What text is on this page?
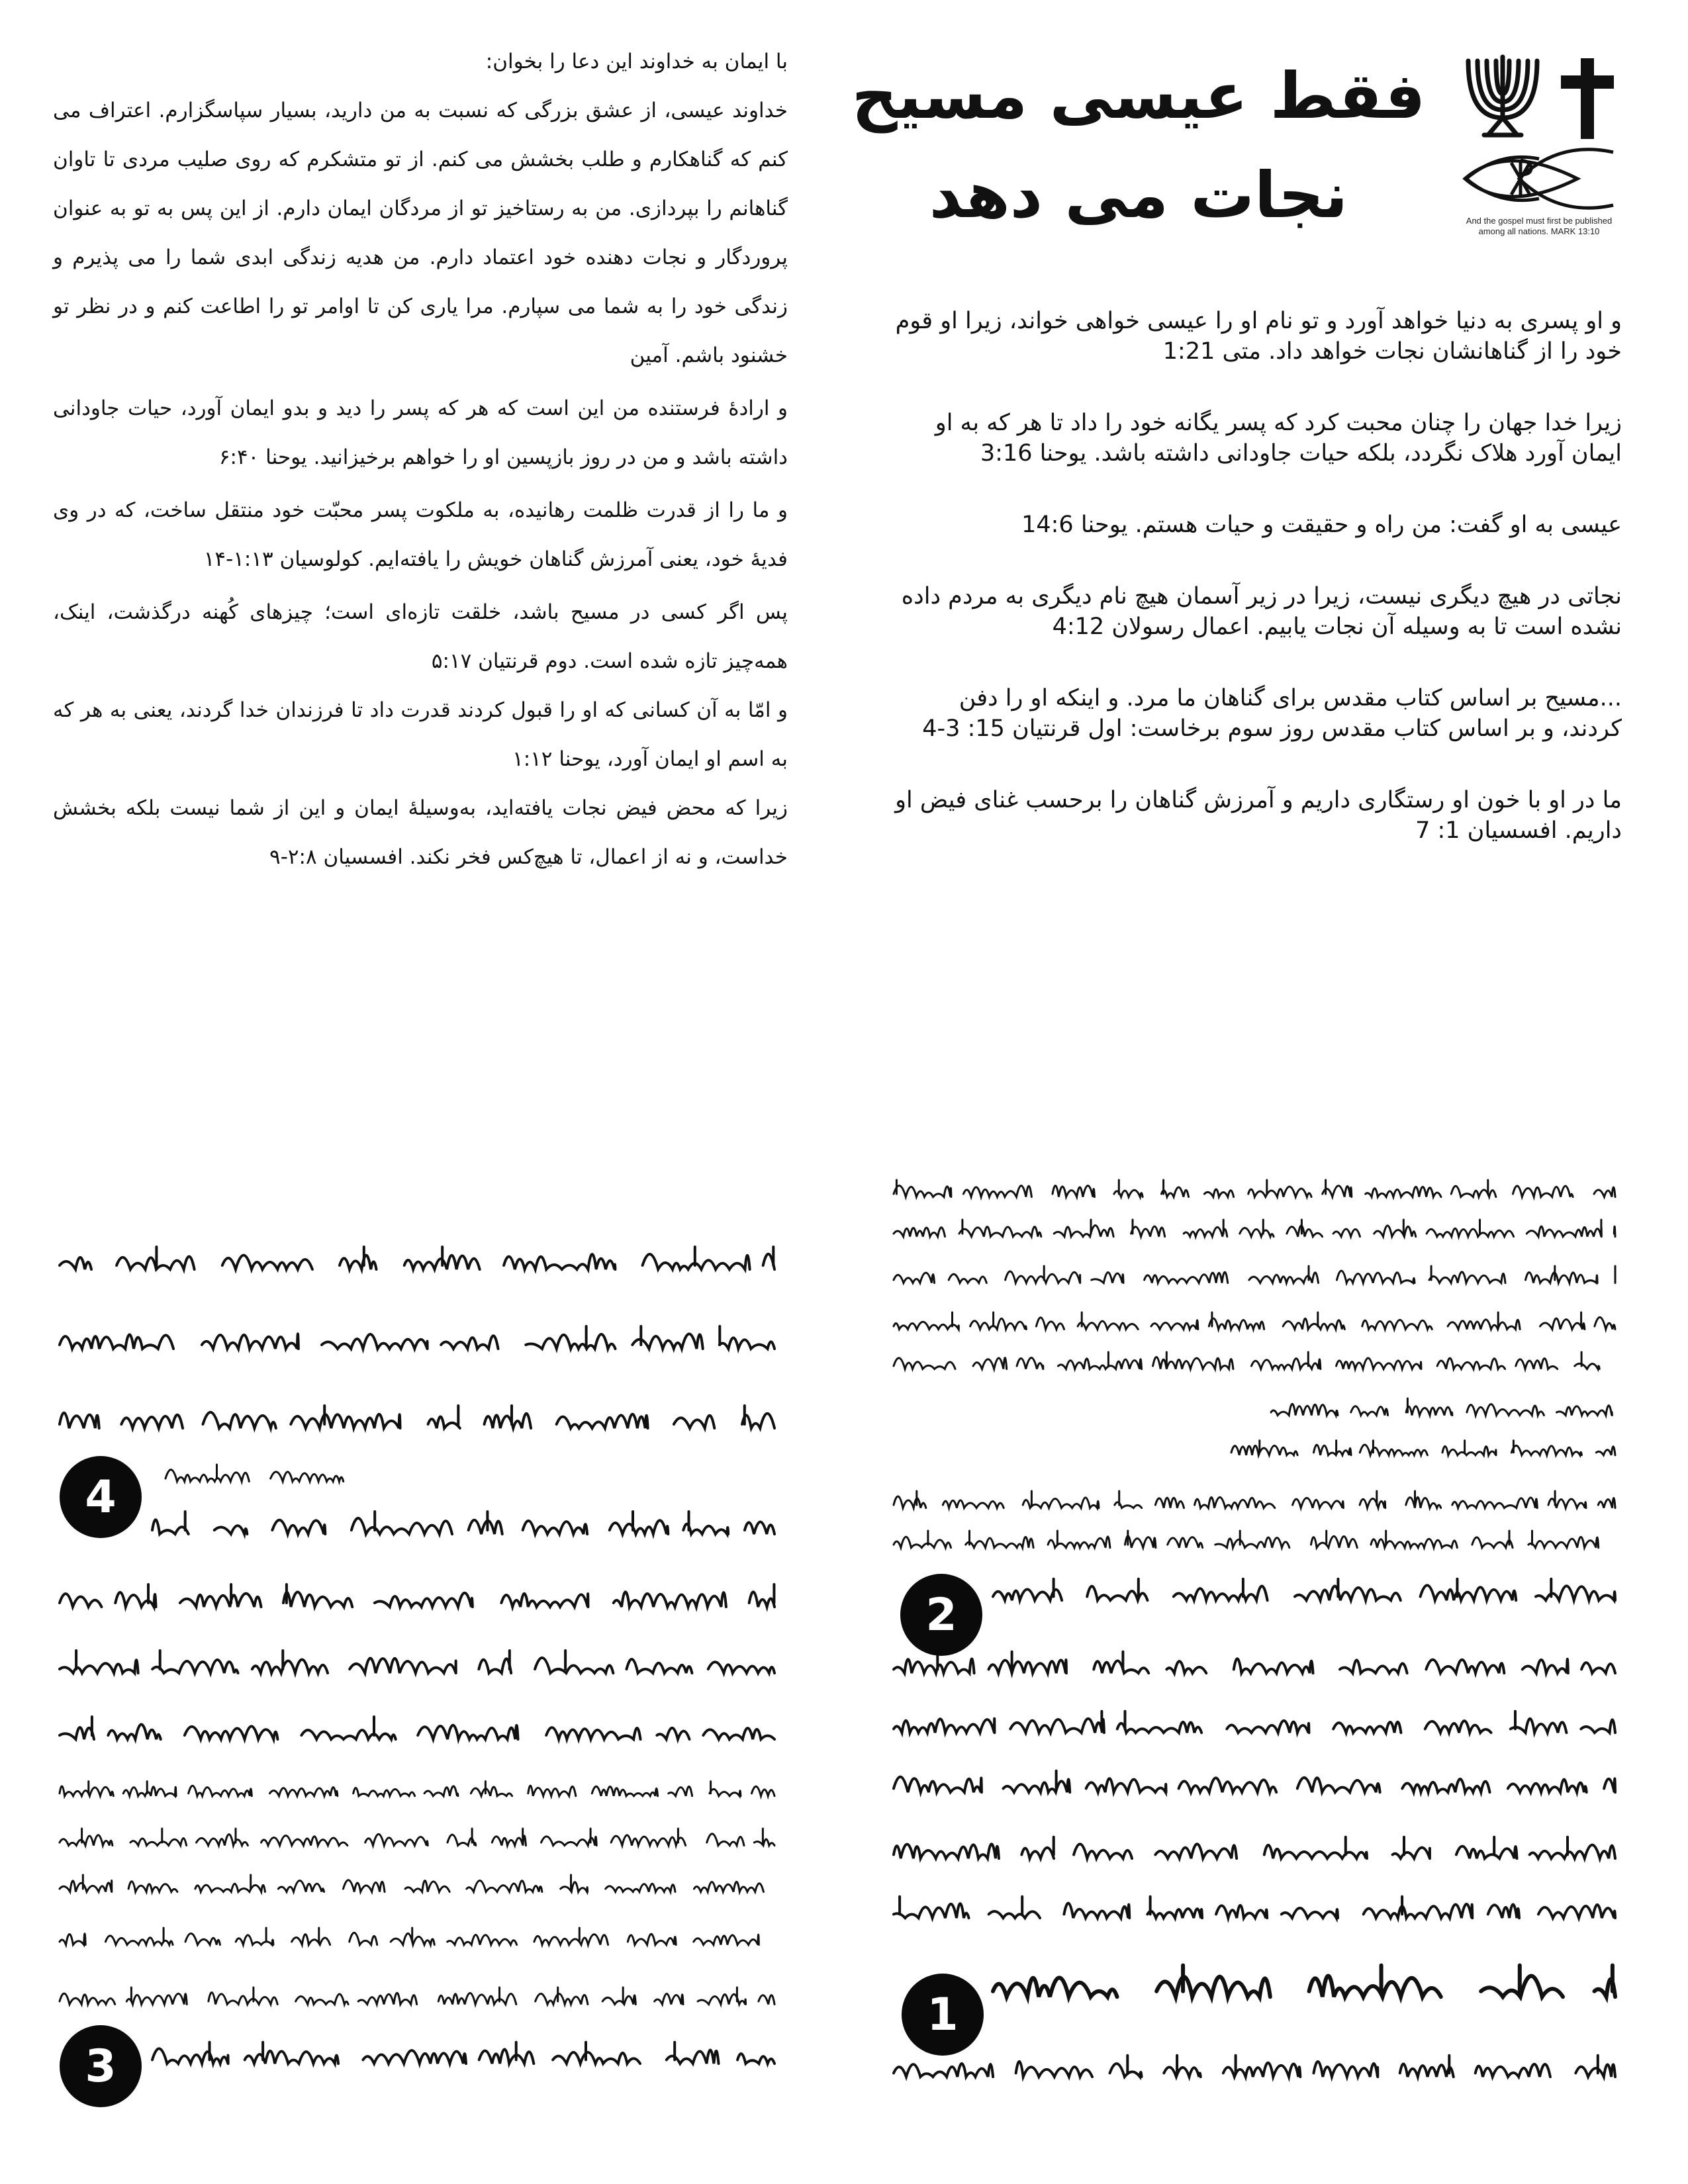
با ایمان به خداوند این دعا را بخوان:

خداوند عیسی، از عشق بزرگی که نسبت به من دارید، بسیار سپاسگزارم. اعتراف می کنم که گناهکارم و طلب بخشش می کنم. از تو متشکرم که روی صلیب مردی تا تاوان گناهانم را بپردازی. من به رستاخیز تو از مردگان ایمان دارم. از این پس به تو به عنوان پروردگار و نجات دهنده خود اعتماد دارم. من هدیه زندگی ابدی شما را می پذیرم و زندگی خود را به شما می سپارم. مرا یاری کن تا اوامر تو را اطاعت کنم و در نظر تو خشنود باشم. آمین

و ارادهٔ فرستنده من این است که هر که پسر را دید و بدو ایمان آورد، حیات جاودانی داشته باشد و من در روز بازپسین او را خواهم برخیزانید. یوحنا ۶:۴۰

و ما را از قدرت ظلمت رهانیده، به ملکوت پسر محبّت خود منتقل ساخت، که در وی فدیهٔ خود، یعنی آمرزش گناهان خویش را یافته‌ایم. کولوسیان ۱:۱۳-۱۴

پس اگر کسی در مسیح باشد، خلقت تازه‌ای است؛ چیزهای کُهنه درگذشت، اینک، همه‌چیز تازه شده است. دوم قرنتیان ۵:۱۷

و امّا به آن کسانی که او را قبول کردند قدرت داد تا فرزندان خدا گردند، یعنی به هر که به اسم او ایمان آورد، یوحنا ۱:۱۲

زیرا که محض فیض نجات یافته‌اید، به‌وسیلهٔ ایمان و این از شما نیست بلکه بخشش خداست، و نه از اعمال، تا هیچ‌کس فخر نکند. افسسیان ۲:۸-۹

فقط عیسی مسیح
نجات می دهد	And the gospel must first be published
among all nations. MARK 13:10

و او پسری به دنیا خواهد آورد و تو نام او را عیسی خواهی خواند، زیرا او قوم خود را از گناهانشان نجات خواهد داد. متی 1:21

زیرا خدا جهان را چنان محبت کرد که پسر یگانه خود را داد تا هر که به او ایمان آورد هلاک نگردد، بلکه حیات جاودانی داشته باشد. یوحنا 3:16

عیسی به او گفت: من راه و حقیقت و حیات هستم. یوحنا 14:6

نجاتی در هیچ دیگری نیست، زیرا در زیر آسمان هیچ نام دیگری به مردم داده نشده است تا به وسیله آن نجات یابیم. اعمال رسولان 4:12

...مسیح بر اساس کتاب مقدس برای گناهان ما مرد. و اینکه او را دفن کردند، و بر اساس کتاب مقدس روز سوم برخاست: اول قرنتیان 15: 3-4

ما در او با خون او رستگاری داریم و آمرزش گناهان را برحسب غنای فیض او داریم. افسسیان 1: 7

4
3
2
1
